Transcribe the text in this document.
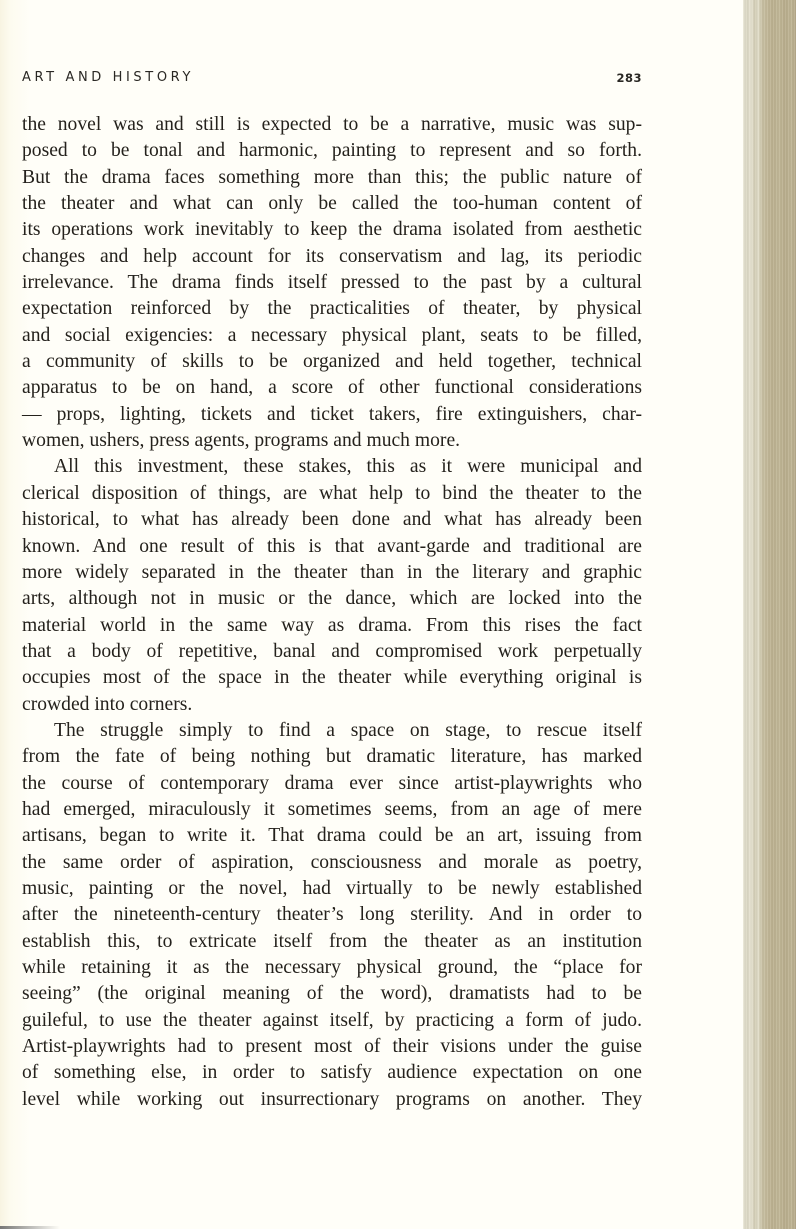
ART AND HISTORY	283
the novel was and still is expected to be a narrative, music was sup-
posed to be tonal and harmonic, painting to represent and so forth.
But the drama faces something more than this; the public nature of
the theater and what can only be called the too-human content of
its operations work inevitably to keep the drama isolated from aesthetic
changes and help account for its conservatism and lag, its periodic
irrelevance. The drama finds itself pressed to the past by a cultural
expectation reinforced by the practicalities of theater, by physical
and social exigencies: a necessary physical plant, seats to be filled,
a community of skills to be organized and held together, technical
apparatus to be on hand, a score of other functional considerations
— props, lighting, tickets and ticket takers, fire extinguishers, char-
women, ushers, press agents, programs and much more.
All this investment, these stakes, this as it were municipal and
clerical disposition of things, are what help to bind the theater to the
historical, to what has already been done and what has already been
known. And one result of this is that avant-garde and traditional are
more widely separated in the theater than in the literary and graphic
arts, although not in music or the dance, which are locked into the
material world in the same way as drama. From this rises the fact
that a body of repetitive, banal and compromised work perpetually
occupies most of the space in the theater while everything original is
crowded into corners.
The struggle simply to find a space on stage, to rescue itself
from the fate of being nothing but dramatic literature, has marked
the course of contemporary drama ever since artist-playwrights who
had emerged, miraculously it sometimes seems, from an age of mere
artisans, began to write it. That drama could be an art, issuing from
the same order of aspiration, consciousness and morale as poetry,
music, painting or the novel, had virtually to be newly established
after the nineteenth-century theater’s long sterility. And in order to
establish this, to extricate itself from the theater as an institution
while retaining it as the necessary physical ground, the “place for
seeing” (the original meaning of the word), dramatists had to be
guileful, to use the theater against itself, by practicing a form of judo.
Artist-playwrights had to present most of their visions under the guise
of something else, in order to satisfy audience expectation on one
level while working out insurrectionary programs on another. They
